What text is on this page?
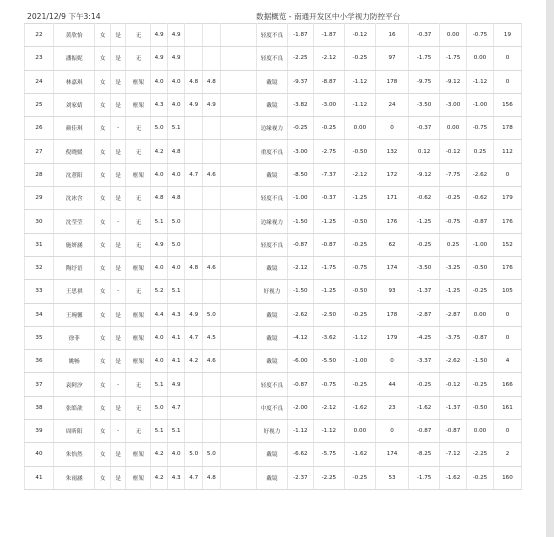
2021/12/9 下午3:14	数据概览 - 南通开发区中小学视力防控平台
22	黄欣怡	女	是	无	4.9	4.9				轻度不良	-1.87	-1.87	-0.12	16	-0.37	0.00	-0.75	19
23	潘振妮	女	是	无	4.9	4.9				轻度不良	-2.25	-2.12	-0.25	97	-1.75	-1.75	0.00	0
24	林嘉琪	女	是	框架	4.0	4.0	4.8	4.8		戴镜	-9.37	-8.87	-1.12	178	-9.75	-9.12	-1.12	0
25	刘家婧	女	是	框架	4.3	4.0	4.9	4.9		戴镜	-3.82	-3.00	-1.12	24	-3.50	-3.00	-1.00	156
26	颜佳琪	女	-	无	5.0	5.1				边缘视力	-0.25	-0.25	0.00	0	-0.37	0.00	-0.75	178
27	倪晓媛	女	是	无	4.2	4.8				重度不良	-3.00	-2.75	-0.50	132	0.12	-0.12	0.25	112
28	沈薏阳	女	是	框架	4.0	4.0	4.7	4.6		戴镜	-8.50	-7.37	-2.12	172	-9.12	-7.75	-2.62	0
29	沈冰含	女	是	无	4.8	4.8				轻度不良	-1.00	-0.37	-1.25	171	-0.62	-0.25	-0.62	179
30	沈莹莹	女	-	无	5.1	5.0				边缘视力	-1.50	-1.25	-0.50	176	-1.25	-0.75	-0.87	176
31	施妍涵	女	是	无	4.9	5.0				轻度不良	-0.87	-0.87	-0.25	62	-0.25	0.25	-1.00	152
32	陶纾语	女	是	框架	4.0	4.0	4.8	4.6		戴镜	-2.12	-1.75	-0.75	174	-3.50	-3.25	-0.50	176
33	王思祺	女	-	无	5.2	5.1				好视力	-1.50	-1.25	-0.50	93	-1.37	-1.25	-0.25	105
34	王琬馨	女	是	框架	4.4	4.3	4.9	5.0		戴镜	-2.62	-2.50	-0.25	178	-2.87	-2.87	0.00	0
35	徐菲	女	是	框架	4.0	4.1	4.7	4.5		戴镜	-4.12	-3.62	-1.12	179	-4.25	-3.75	-0.87	0
36	姚畅	女	是	框架	4.0	4.1	4.2	4.6		戴镜	-6.00	-5.50	-1.00	0	-3.37	-2.62	-1.50	4
37	袁阿汐	女	-	无	5.1	4.9				轻度不良	-0.87	-0.75	-0.25	44	-0.25	-0.12	-0.25	166
38	张皓歆	女	是	无	5.0	4.7				中度不良	-2.00	-2.12	-1.62	23	-1.62	-1.37	-0.50	161
39	周昕阳	女	-	无	5.1	5.1				好视力	-1.12	-1.12	0.00	0	-0.87	-0.87	0.00	0
40	朱怡然	女	是	框架	4.2	4.0	5.0	5.0		戴镜	-6.62	-5.75	-1.62	174	-8.25	-7.12	-2.25	2
41	朱雨涵	女	是	框架	4.2	4.3	4.7	4.8		戴镜	-2.37	-2.25	-0.25	53	-1.75	-1.62	-0.25	160
